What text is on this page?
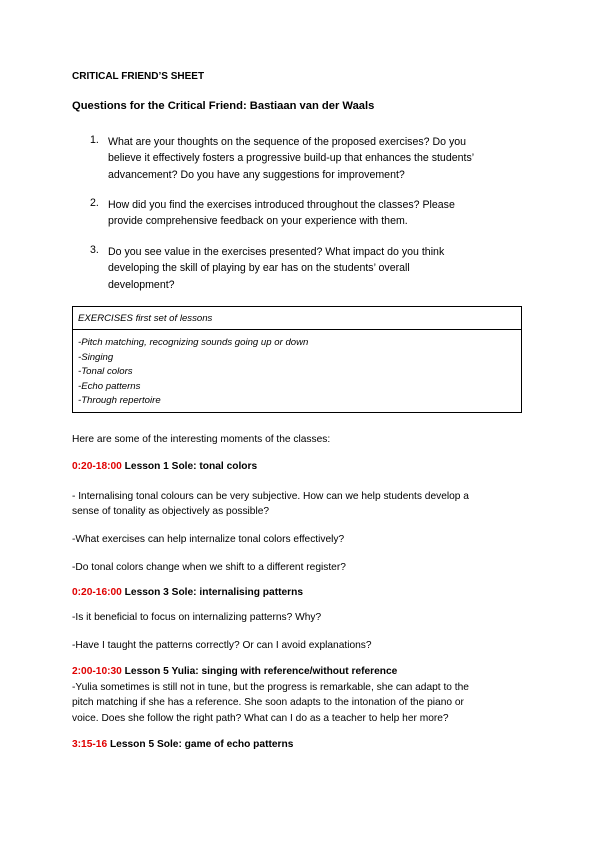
CRITICAL FRIEND’S SHEET
Questions for the Critical Friend: Bastiaan van der Waals
1. What are your thoughts on the sequence of the proposed exercises? Do you
believe it effectively fosters a progressive build-up that enhances the students’
advancement? Do you have any suggestions for improvement?
2. How did you find the exercises introduced throughout the classes? Please
provide comprehensive feedback on your experience with them.
3. Do you see value in the exercises presented? What impact do you think
developing the skill of playing by ear has on the students’ overall
development?
EXERCISES first set of lessons
-Pitch matching, recognizing sounds going up or down
-Singing
-Tonal colors
-Echo patterns
-Through repertoire
Here are some of the interesting moments of the classes:
0:20-18:00 Lesson 1 Sole: tonal colors
- Internalising tonal colours can be very subjective. How can we help students develop a
sense of tonality as objectively as possible?
-What exercises can help internalize tonal colors effectively?
-Do tonal colors change when we shift to a different register?
0:20-16:00 Lesson 3 Sole: internalising patterns
-Is it beneficial to focus on internalizing patterns? Why?
-Have I taught the patterns correctly? Or can I avoid explanations?
2:00-10:30 Lesson 5 Yulia: singing with reference/without reference
-Yulia sometimes is still not in tune, but the progress is remarkable, she can adapt to the
pitch matching if she has a reference. She soon adapts to the intonation of the piano or
voice. Does she follow the right path? What can I do as a teacher to help her more?
3:15-16 Lesson 5 Sole: game of echo patterns
